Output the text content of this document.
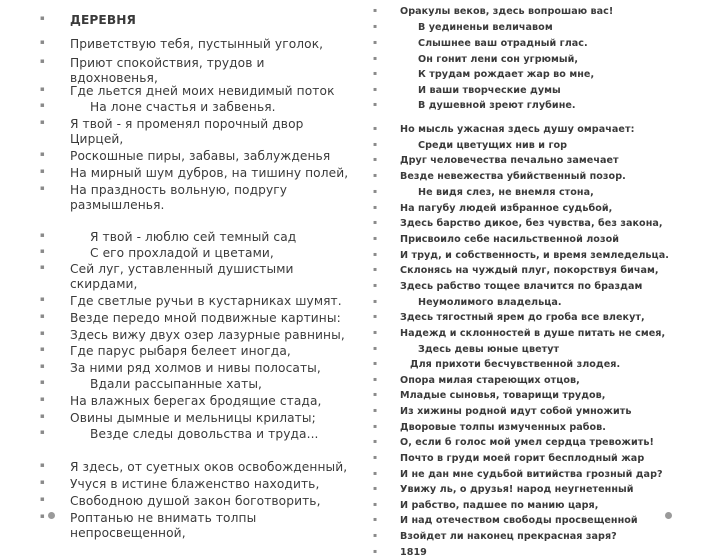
▪ ДЕРЕВНЯ
▪ Приветствую тебя, пустынный уголок,
▪ Приют спокойствия, трудов и
вдохновенья,
▪ Где льется дней моих невидимый поток
▪	На лоне счастья и забвенья.
▪ Я твой - я променял порочный двор
Цирцей,
▪ Роскошные пиры, забавы, заблужденья
▪ На мирный шум дубров, на тишину полей,
▪ На праздность вольную, подругу
размышленья.
▪	Я твой - люблю сей темный сад
▪	С его прохладой и цветами,
▪ Сей луг, уставленный душистыми
скирдами,
▪ Где светлые ручьи в кустарниках шумят.
▪ Везде передо мной подвижные картины:
▪ Здесь вижу двух озер лазурные равнины,
▪ Где парус рыбаря белеет иногда,
▪ За ними ряд холмов и нивы полосаты,
▪	Вдали рассыпанные хаты,
▪ На влажных берегах бродящие стада,
▪ Овины дымные и мельницы крилаты;
▪	Везде следы довольства и труда...
▪ Я здесь, от суетных оков освобожденный,
▪ Учуся в истине блаженство находить,
▪ Свободною душой закон боготворить,
▪ Роптанью не внимать толпы
непросвещенной,
▪ Оракулы веков, здесь вопрошаю вас!
▪	В уединеньи величавом
▪	Слышнее ваш отрадный глас.
▪	Он гонит лени сон угрюмый,
▪	К трудам рождает жар во мне,
▪	И ваши творческие думы
▪	В душевной зреют глубине.
▪ Но мысль ужасная здесь душу омрачает:
▪	Среди цветущих нив и гор
▪ Друг человечества печально замечает
▪ Везде невежества убийственный позор.
▪	Не видя слез, не внемля стона,
▪ На пагубу людей избранное судьбой,
▪ Здесь барство дикое, без чувства, без закона,
▪ Присвоило себе насильственной лозой
▪ И труд, и собственность, и время земледельца.
▪ Склонясь на чуждый плуг, покорствуя бичам,
▪ Здесь рабство тощее влачится по браздам
▪	Неумолимого владельца.
▪ Здесь тягостный ярем до гроба все влекут,
▪ Надежд и склонностей в душе питать не смея,
▪	Здесь девы юные цветут
▪	Для прихоти бесчувственной злодея.
▪ Опора милая стареющих отцов,
▪ Младые сыновья, товарищи трудов,
▪ Из хижины родной идут собой умножить
▪ Дворовые толпы измученных рабов.
▪ О, если б голос мой умел сердца тревожить!
▪ Почто в груди моей горит бесплодный жар
▪ И не дан мне судьбой витийства грозный дар?
▪ Увижу ль, о друзья! народ неугнетенный
▪ И рабство, падшее по манию царя,
▪ И над отечеством свободы просвещенной
▪ Взойдет ли наконец прекрасная заря?
▪ 1819
